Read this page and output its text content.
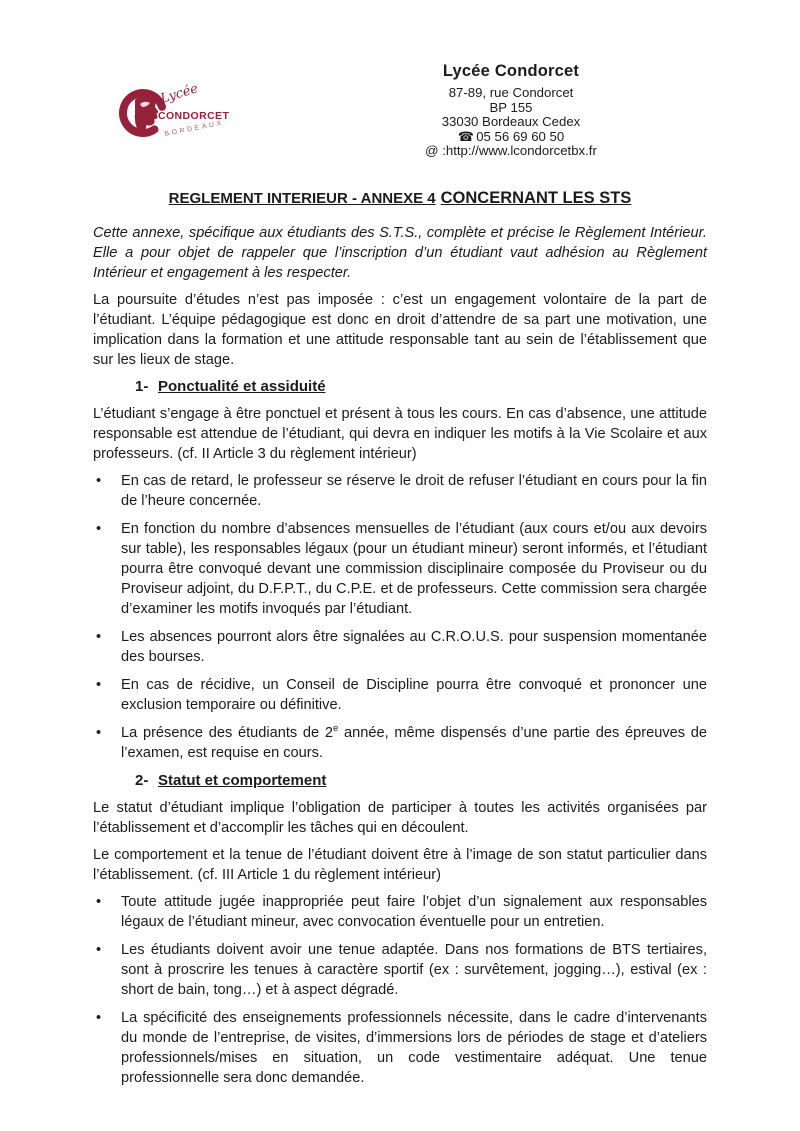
Lycée
CONDORCET
BORDEAUX
Lycée Condorcet
87-89, rue Condorcet
BP 155
33030 Bordeaux Cedex
☎ 05 56 69 60 50
@ :http://www.lcondorcetbx.fr
REGLEMENT INTERIEUR - ANNEXE 4 CONCERNANT LES STS

Cette annexe, spécifique aux étudiants des S.T.S., complète et précise le Règlement Intérieur. Elle a pour objet de rappeler que l’inscription d’un étudiant vaut adhésion au Règlement Intérieur et engagement à les respecter.

La poursuite d’études n’est pas imposée : c’est un engagement volontaire de la part de l’étudiant. L’équipe pédagogique est donc en droit d’attendre de sa part une motivation, une implication dans la formation et une attitude responsable tant au sein de l’établissement que sur les lieux de stage.

1- Ponctualité et assiduité

L’étudiant s’engage à être ponctuel et présent à tous les cours. En cas d’absence, une attitude responsable est attendue de l’étudiant, qui devra en indiquer les motifs à la Vie Scolaire et aux professeurs. (cf. II Article 3 du règlement intérieur)

•	En cas de retard, le professeur se réserve le droit de refuser l’étudiant en cours pour la fin de l’heure concernée.
•	En fonction du nombre d’absences mensuelles de l’étudiant (aux cours et/ou aux devoirs sur table), les responsables légaux (pour un étudiant mineur) seront informés, et l’étudiant pourra être convoqué devant une commission disciplinaire composée du Proviseur ou du Proviseur adjoint, du D.F.P.T., du C.P.E. et de professeurs. Cette commission sera chargée d’examiner les motifs invoqués par l’étudiant.
•	Les absences pourront alors être signalées au C.R.O.U.S. pour suspension momentanée des bourses.
•	En cas de récidive, un Conseil de Discipline pourra être convoqué et prononcer une exclusion temporaire ou définitive.
•	La présence des étudiants de 2e année, même dispensés d’une partie des épreuves de l’examen, est requise en cours.
2- Statut et comportement

Le statut d’étudiant implique l’obligation de participer à toutes les activités organisées par l’établissement et d’accomplir les tâches qui en découlent.

Le comportement et la tenue de l’étudiant doivent être à l’image de son statut particulier dans l’établissement. (cf. III Article 1 du règlement intérieur)

•	Toute attitude jugée inappropriée peut faire l’objet d’un signalement aux responsables légaux de l’étudiant mineur, avec convocation éventuelle pour un entretien.
•	Les étudiants doivent avoir une tenue adaptée. Dans nos formations de BTS tertiaires, sont à proscrire les tenues à caractère sportif (ex : survêtement, jogging…), estival (ex : short de bain, tong…) et à aspect dégradé.
•	La spécificité des enseignements professionnels nécessite, dans le cadre d’intervenants du monde de l’entreprise, de visites, d’immersions lors de périodes de stage et d’ateliers professionnels/mises en situation, un code vestimentaire adéquat. Une tenue professionnelle sera donc demandée.
